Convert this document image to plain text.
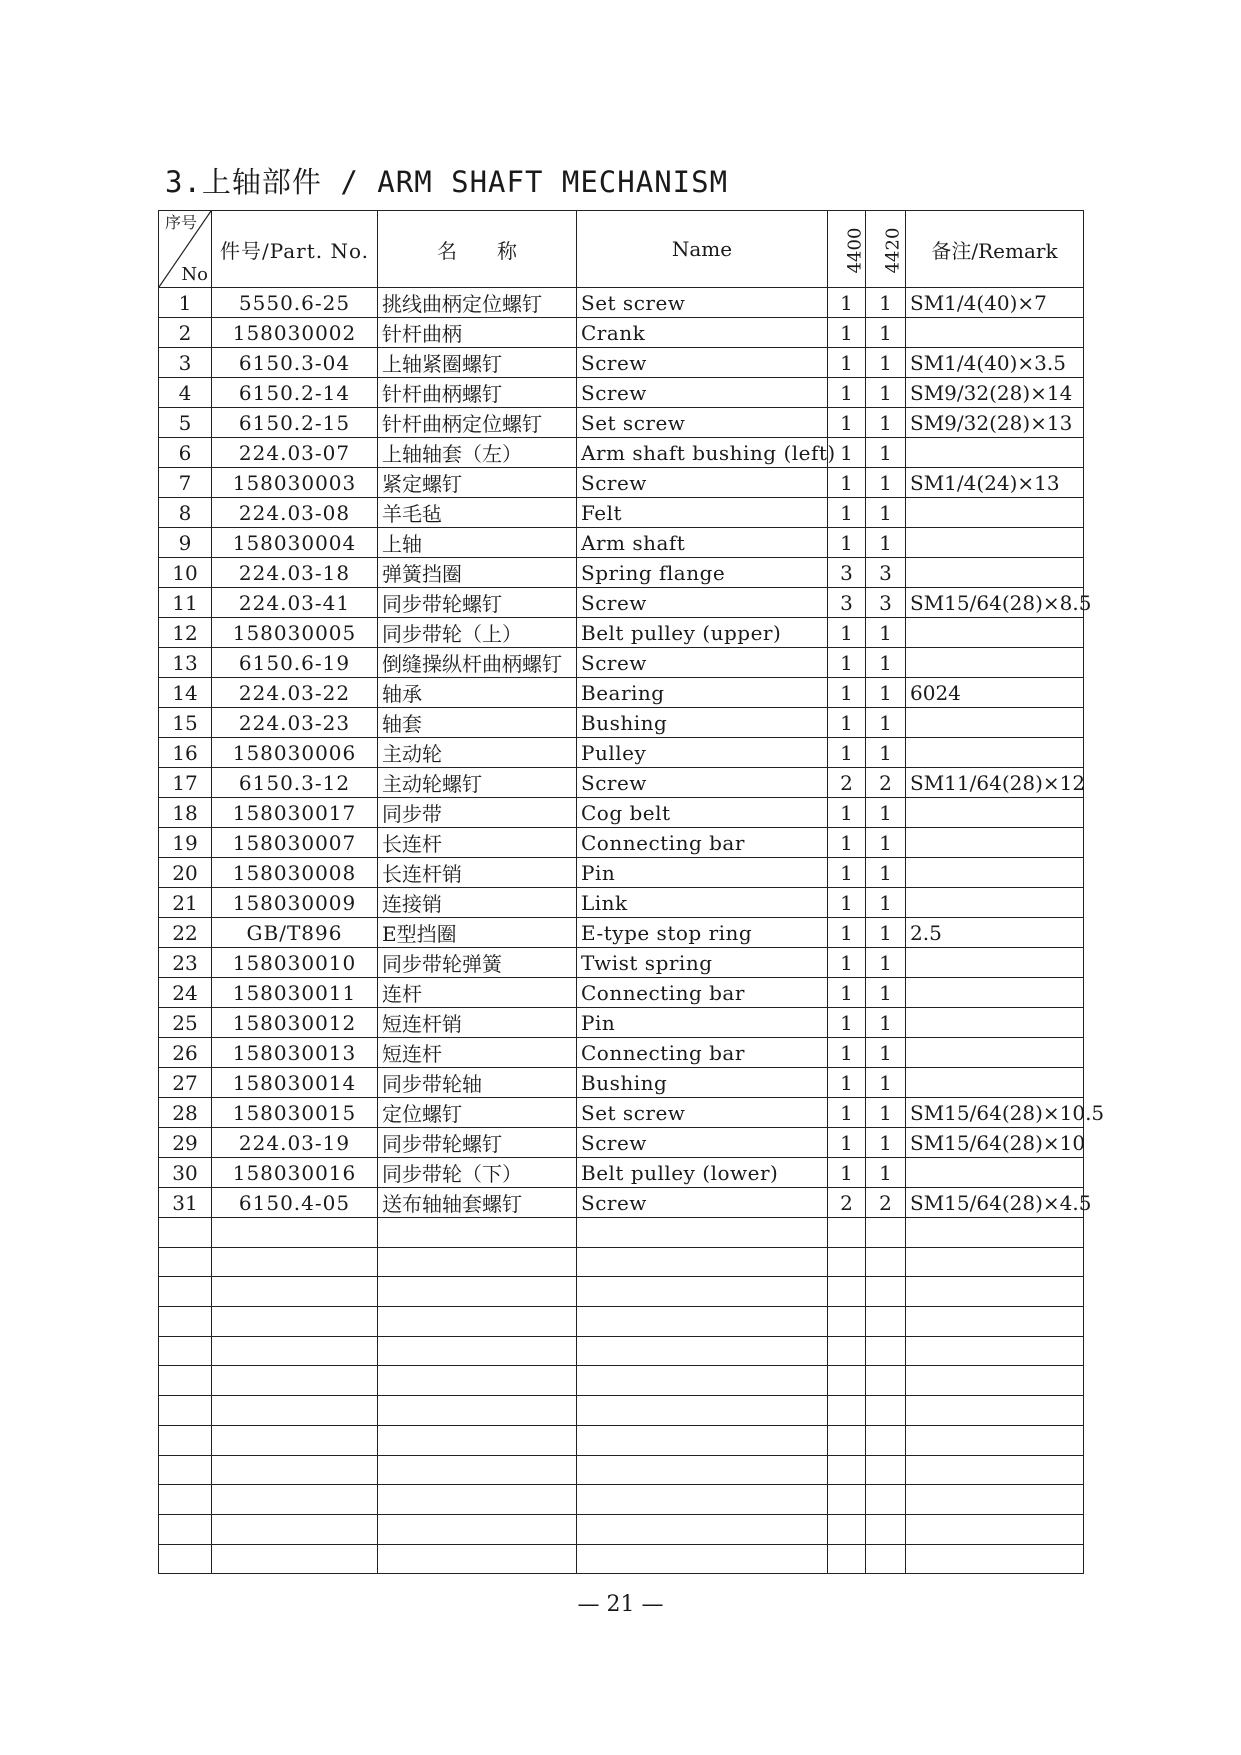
3.上轴部件 / ARM SHAFT MECHANISM
序号
No	件号/Part. No.	名　　称	Name	4400	4420	备注/Remark
1	5550.6-25	挑线曲柄定位螺钉	Set screw	1	1	SM1/4(40)×7
2	158030002	针杆曲柄	Crank	1	1	
3	6150.3-04	上轴紧圈螺钉	Screw	1	1	SM1/4(40)×3.5
4	6150.2-14	针杆曲柄螺钉	Screw	1	1	SM9/32(28)×14
5	6150.2-15	针杆曲柄定位螺钉	Set screw	1	1	SM9/32(28)×13
6	224.03-07	上轴轴套（左）	Arm shaft bushing (left)	1	1	
7	158030003	紧定螺钉	Screw	1	1	SM1/4(24)×13
8	224.03-08	羊毛毡	Felt	1	1	
9	158030004	上轴	Arm shaft	1	1	
10	224.03-18	弹簧挡圈	Spring flange	3	3	
11	224.03-41	同步带轮螺钉	Screw	3	3	SM15/64(28)×8.5
12	158030005	同步带轮（上）	Belt pulley (upper)	1	1	
13	6150.6-19	倒缝操纵杆曲柄螺钉	Screw	1	1	
14	224.03-22	轴承	Bearing	1	1	6024
15	224.03-23	轴套	Bushing	1	1	
16	158030006	主动轮	Pulley	1	1	
17	6150.3-12	主动轮螺钉	Screw	2	2	SM11/64(28)×12
18	158030017	同步带	Cog belt	1	1	
19	158030007	长连杆	Connecting bar	1	1	
20	158030008	长连杆销	Pin	1	1	
21	158030009	连接销	Link	1	1	
22	GB/T896	E型挡圈	E-type stop ring	1	1	2.5
23	158030010	同步带轮弹簧	Twist spring	1	1	
24	158030011	连杆	Connecting bar	1	1	
25	158030012	短连杆销	Pin	1	1	
26	158030013	短连杆	Connecting bar	1	1	
27	158030014	同步带轮轴	Bushing	1	1	
28	158030015	定位螺钉	Set screw	1	1	SM15/64(28)×10.5
29	224.03-19	同步带轮螺钉	Screw	1	1	SM15/64(28)×10
30	158030016	同步带轮（下）	Belt pulley (lower)	1	1	
31	6150.4-05	送布轴轴套螺钉	Screw	2	2	SM15/64(28)×4.5

— 21 —
